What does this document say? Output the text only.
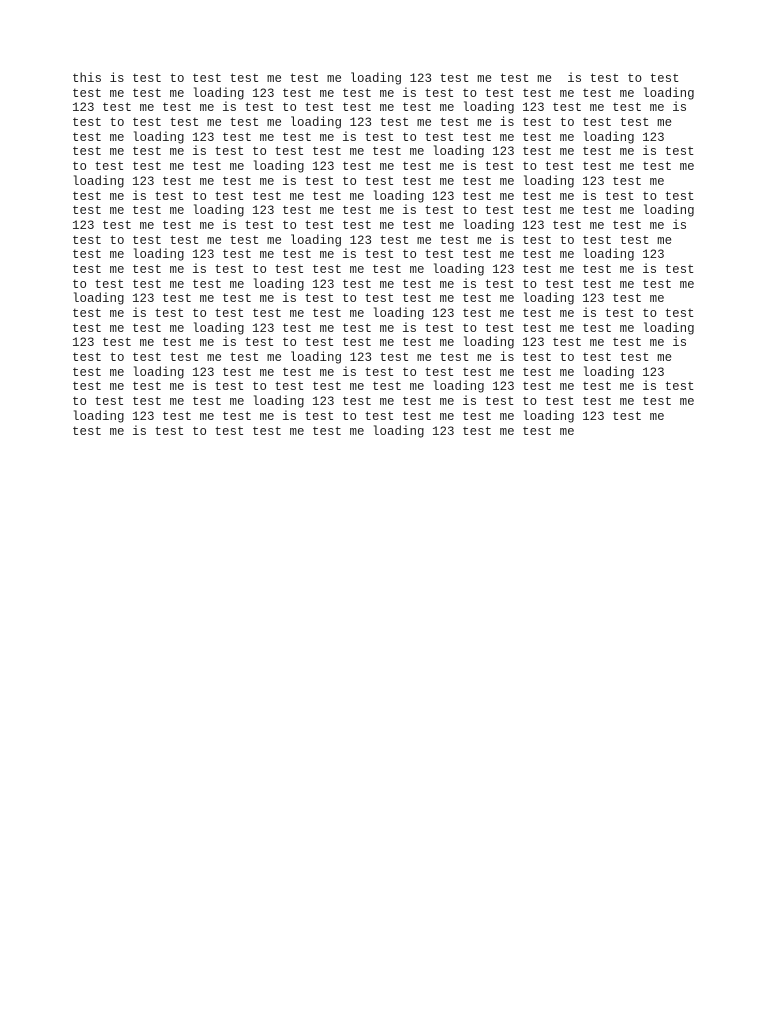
this is test to test test me test me loading 123 test me test me  is test to test
test me test me loading 123 test me test me is test to test test me test me loading
123 test me test me is test to test test me test me loading 123 test me test me is
test to test test me test me loading 123 test me test me is test to test test me
test me loading 123 test me test me is test to test test me test me loading 123
test me test me is test to test test me test me loading 123 test me test me is test
to test test me test me loading 123 test me test me is test to test test me test me
loading 123 test me test me is test to test test me test me loading 123 test me
test me is test to test test me test me loading 123 test me test me is test to test
test me test me loading 123 test me test me is test to test test me test me loading
123 test me test me is test to test test me test me loading 123 test me test me is
test to test test me test me loading 123 test me test me is test to test test me
test me loading 123 test me test me is test to test test me test me loading 123
test me test me is test to test test me test me loading 123 test me test me is test
to test test me test me loading 123 test me test me is test to test test me test me
loading 123 test me test me is test to test test me test me loading 123 test me
test me is test to test test me test me loading 123 test me test me is test to test
test me test me loading 123 test me test me is test to test test me test me loading
123 test me test me is test to test test me test me loading 123 test me test me is
test to test test me test me loading 123 test me test me is test to test test me
test me loading 123 test me test me is test to test test me test me loading 123
test me test me is test to test test me test me loading 123 test me test me is test
to test test me test me loading 123 test me test me is test to test test me test me
loading 123 test me test me is test to test test me test me loading 123 test me
test me is test to test test me test me loading 123 test me test me
